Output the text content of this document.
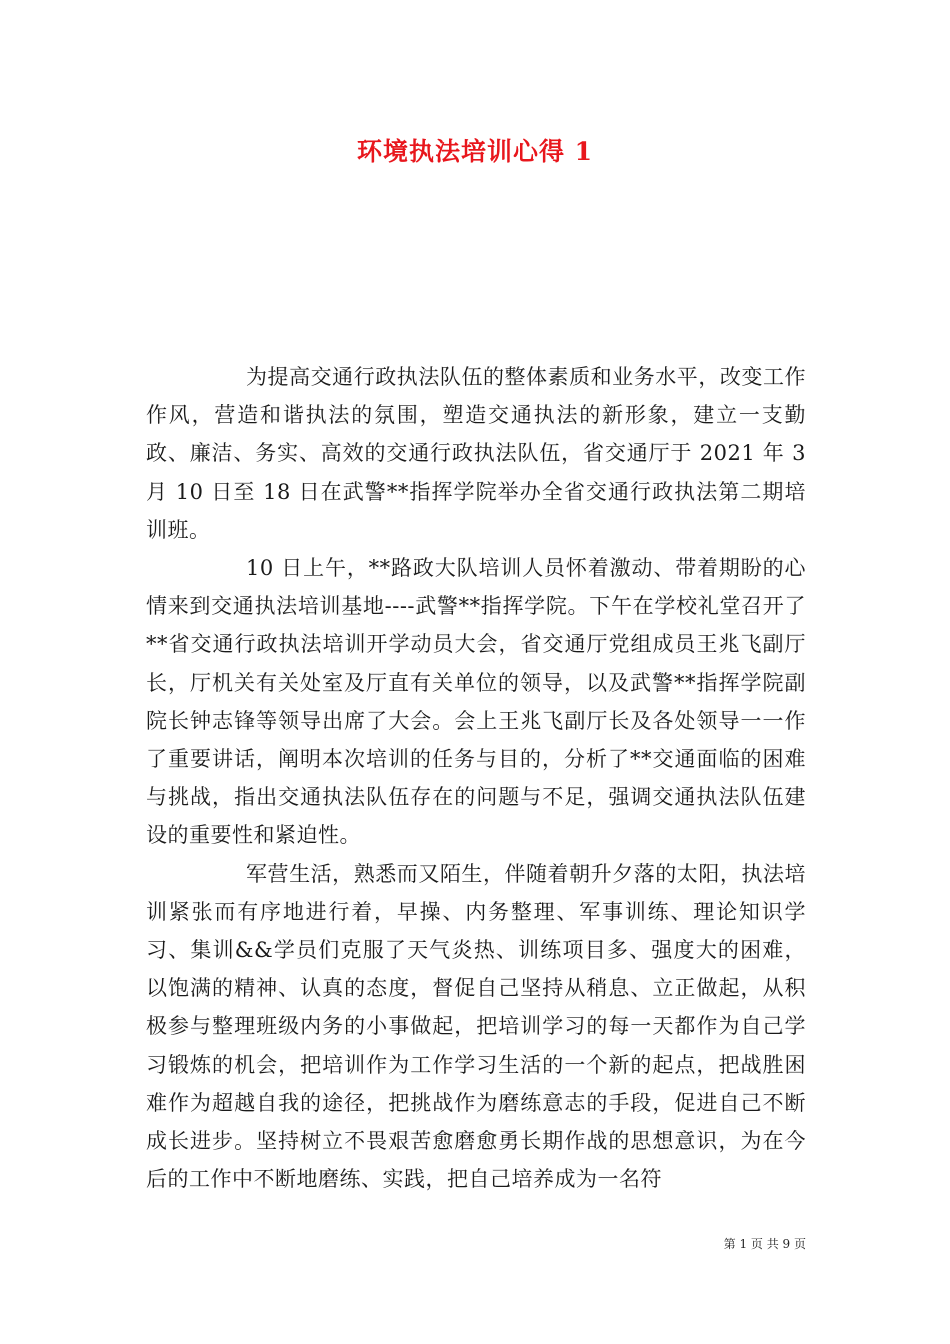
环境执法培训心得 1

为提高交通行政执法队伍的整体素质和业务水平，改变工作作风，营造和谐执法的氛围，塑造交通执法的新形象，建立一支勤政、廉洁、务实、高效的交通行政执法队伍，省交通厅于 2021 年 3 月 10 日至 18 日在武警**指挥学院举办全省交通行政执法第二期培训班。

10 日上午，**路政大队培训人员怀着激动、带着期盼的心情来到交通执法培训基地----武警**指挥学院。下午在学校礼堂召开了**省交通行政执法培训开学动员大会，省交通厅党组成员王兆飞副厅长，厅机关有关处室及厅直有关单位的领导，以及武警**指挥学院副院长钟志锋等领导出席了大会。会上王兆飞副厅长及各处领导一一作了重要讲话，阐明本次培训的任务与目的，分析了**交通面临的困难与挑战，指出交通执法队伍存在的问题与不足，强调交通执法队伍建设的重要性和紧迫性。

军营生活，熟悉而又陌生，伴随着朝升夕落的太阳，执法培训紧张而有序地进行着，早操、内务整理、军事训练、理论知识学习、集训&&学员们克服了天气炎热、训练项目多、强度大的困难，以饱满的精神、认真的态度，督促自己坚持从稍息、立正做起，从积极参与整理班级内务的小事做起，把培训学习的每一天都作为自己学习锻炼的机会，把培训作为工作学习生活的一个新的起点，把战胜困难作为超越自我的途径，把挑战作为磨练意志的手段，促进自己不断成长进步。坚持树立不畏艰苦愈磨愈勇长期作战的思想意识，为在今后的工作中不断地磨练、实践，把自己培养成为一名符

第 1 页 共 9 页
